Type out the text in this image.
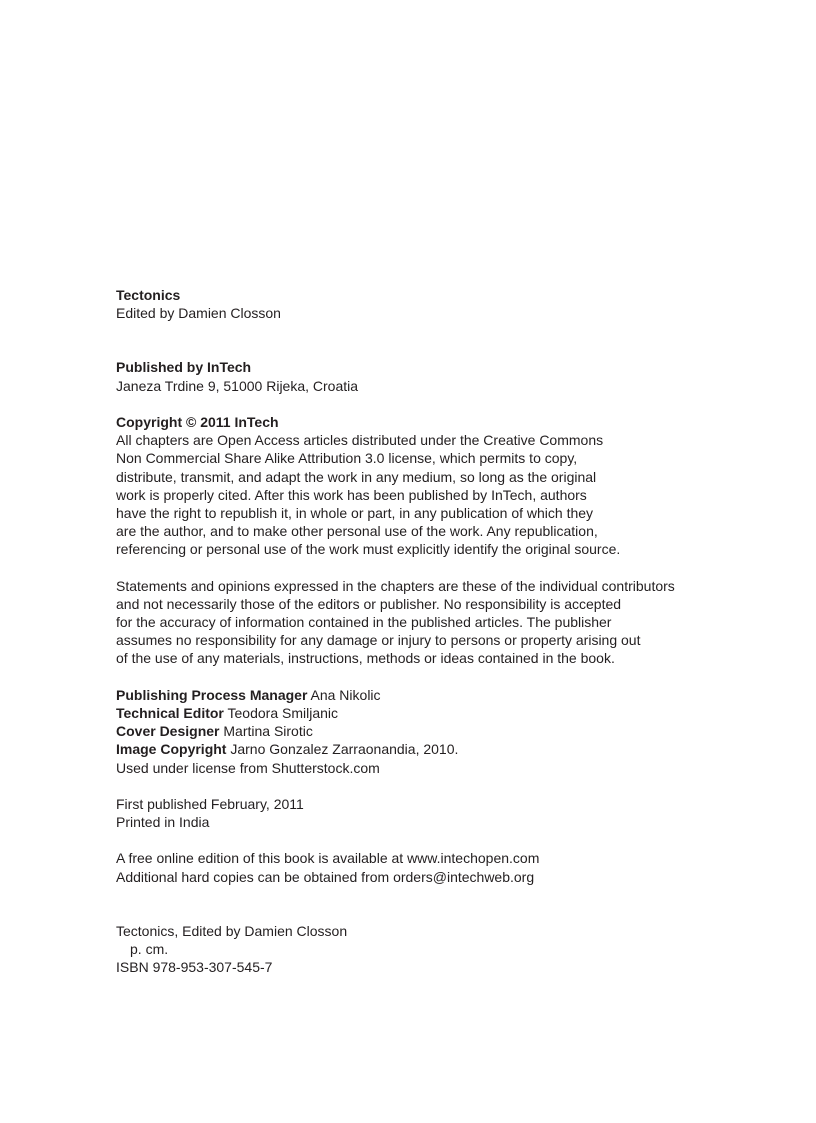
Tectonics
Edited by Damien Closson
Published by InTech
Janeza Trdine 9, 51000 Rijeka, Croatia
Copyright © 2011 InTech
All chapters are Open Access articles distributed under the Creative Commons
Non Commercial Share Alike Attribution 3.0 license, which permits to copy,
distribute, transmit, and adapt the work in any medium, so long as the original
work is properly cited. After this work has been published by InTech, authors
have the right to republish it, in whole or part, in any publication of which they
are the author, and to make other personal use of the work. Any republication,
referencing or personal use of the work must explicitly identify the original source.
Statements and opinions expressed in the chapters are these of the individual contributors
and not necessarily those of the editors or publisher. No responsibility is accepted
for the accuracy of information contained in the published articles. The publisher
assumes no responsibility for any damage or injury to persons or property arising out
of the use of any materials, instructions, methods or ideas contained in the book.
Publishing Process Manager Ana Nikolic
Technical Editor Teodora Smiljanic
Cover Designer Martina Sirotic
Image Copyright Jarno Gonzalez Zarraonandia, 2010.
Used under license from Shutterstock.com
First published February, 2011
Printed in India
A free online edition of this book is available at www.intechopen.com
Additional hard copies can be obtained from orders@intechweb.org
Tectonics, Edited by Damien Closson
p. cm.
ISBN 978-953-307-545-7
